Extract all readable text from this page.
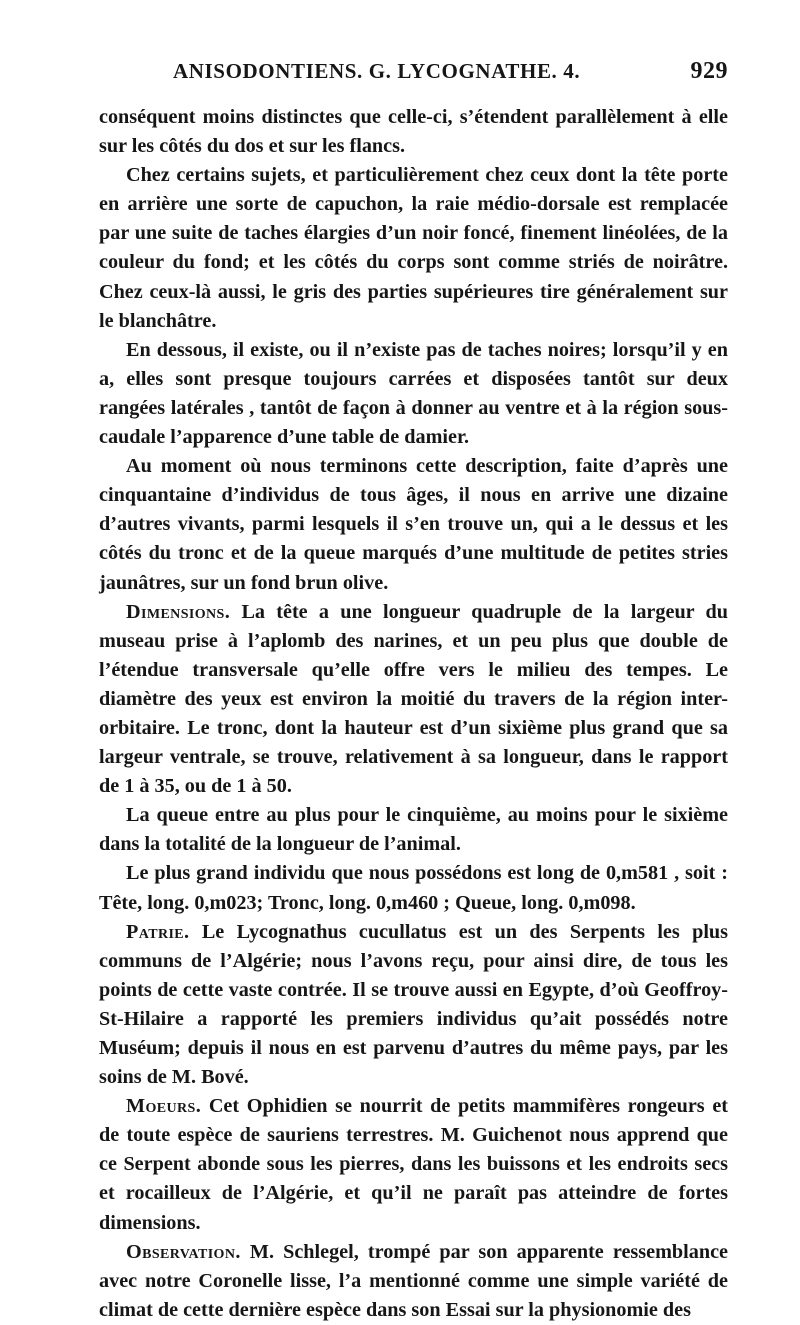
ANISODONTIENS. G. LYCOGNATHE. 4.	929

conséquent moins distinctes que celle-ci, s’étendent parallèlement à elle sur les côtés du dos et sur les flancs.

Chez certains sujets, et particulièrement chez ceux dont la tête porte en arrière une sorte de capuchon, la raie médio-dorsale est remplacée par une suite de taches élargies d’un noir foncé, finement linéolées, de la couleur du fond; et les côtés du corps sont comme striés de noirâtre. Chez ceux-là aussi, le gris des parties supérieures tire généralement sur le blanchâtre.

En dessous, il existe, ou il n’existe pas de taches noires; lorsqu’il y en a, elles sont presque toujours carrées et disposées tantôt sur deux rangées latérales , tantôt de façon à donner au ventre et à la région sous-caudale l’apparence d’une table de damier.

Au moment où nous terminons cette description, faite d’après une cinquantaine d’individus de tous âges, il nous en arrive une dizaine d’autres vivants, parmi lesquels il s’en trouve un, qui a le dessus et les côtés du tronc et de la queue marqués d’une multitude de petites stries jaunâtres, sur un fond brun olive.

Dimensions. La tête a une longueur quadruple de la largeur du museau prise à l’aplomb des narines, et un peu plus que double de l’étendue transversale qu’elle offre vers le milieu des tempes. Le diamètre des yeux est environ la moitié du travers de la région inter-orbitaire. Le tronc, dont la hauteur est d’un sixième plus grand que sa largeur ventrale, se trouve, relativement à sa longueur, dans le rapport de 1 à 35, ou de 1 à 50.

La queue entre au plus pour le cinquième, au moins pour le sixième dans la totalité de la longueur de l’animal.

Le plus grand individu que nous possédons est long de 0,m581 , soit : Tête, long. 0,m023; Tronc, long. 0,m460 ; Queue, long. 0,m098.

Patrie. Le Lycognathus cucullatus est un des Serpents les plus communs de l’Algérie; nous l’avons reçu, pour ainsi dire, de tous les points de cette vaste contrée. Il se trouve aussi en Egypte, d’où Geoffroy-St-Hilaire a rapporté les premiers individus qu’ait possédés notre Muséum; depuis il nous en est parvenu d’autres du même pays, par les soins de M. Bové.

Moeurs. Cet Ophidien se nourrit de petits mammifères rongeurs et de toute espèce de sauriens terrestres. M. Guichenot nous apprend que ce Serpent abonde sous les pierres, dans les buissons et les endroits secs et rocailleux de l’Algérie, et qu’il ne paraît pas atteindre de fortes dimensions.

Observation. M. Schlegel, trompé par son apparente ressemblance avec notre Coronelle lisse, l’a mentionné comme une simple variété de climat de cette dernière espèce dans son Essai sur la physionomie des
